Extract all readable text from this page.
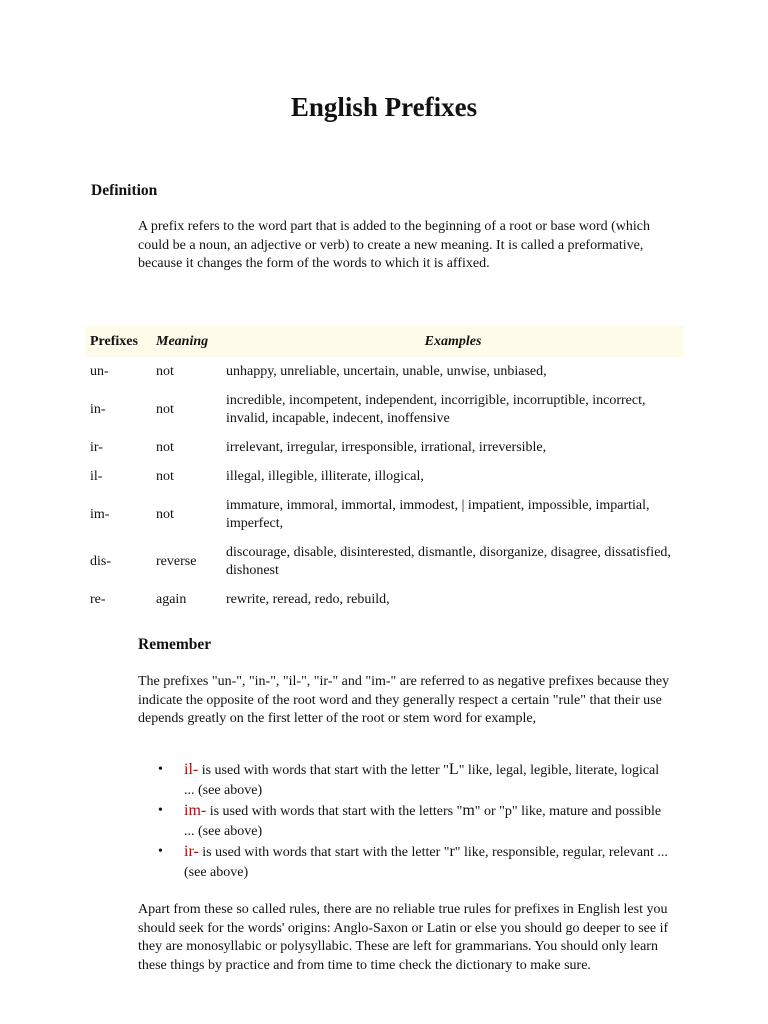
English Prefixes
Definition

A prefix refers to the word part that is added to the beginning of a root or base word (which could be a noun, an adjective or verb) to create a new meaning. It is called a preformative, because it changes the form of the words to which it is affixed.

Prefixes	Meaning	Examples
un-	not	unhappy, unreliable, uncertain, unable, unwise, unbiased,
in-	not	incredible, incompetent, independent, incorrigible, incorruptible, incorrect, invalid, incapable, indecent, inoffensive
ir-	not	irrelevant, irregular, irresponsible, irrational, irreversible,
il-	not	illegal, illegible, illiterate, illogical,
im-	not	immature, immoral, immortal, immodest, | impatient, impossible, impartial, imperfect,
dis-	reverse	discourage, disable, disinterested, dismantle, disorganize, disagree, dissatisfied, dishonest
re-	again	rewrite, reread, redo, rebuild,
Remember

The prefixes "un-", "in-", "il-", "ir-" and "im-" are referred to as negative prefixes because they indicate the opposite of the root word and they generally respect a certain "rule" that their use depends greatly on the first letter of the root or stem word for example,

• il- is used with words that start with the letter "L" like, legal, legible, literate, logical ... (see above)
• im- is used with words that start with the letters "m" or "p" like, mature and possible ... (see above)
• ir- is used with words that start with the letter "r" like, responsible, regular, relevant ... (see above)

Apart from these so called rules, there are no reliable true rules for prefixes in English lest you should seek for the words' origins: Anglo-Saxon or Latin or else you should go deeper to see if they are monosyllabic or polysyllabic. These are left for grammarians. You should only learn these things by practice and from time to time check the dictionary to make sure.
